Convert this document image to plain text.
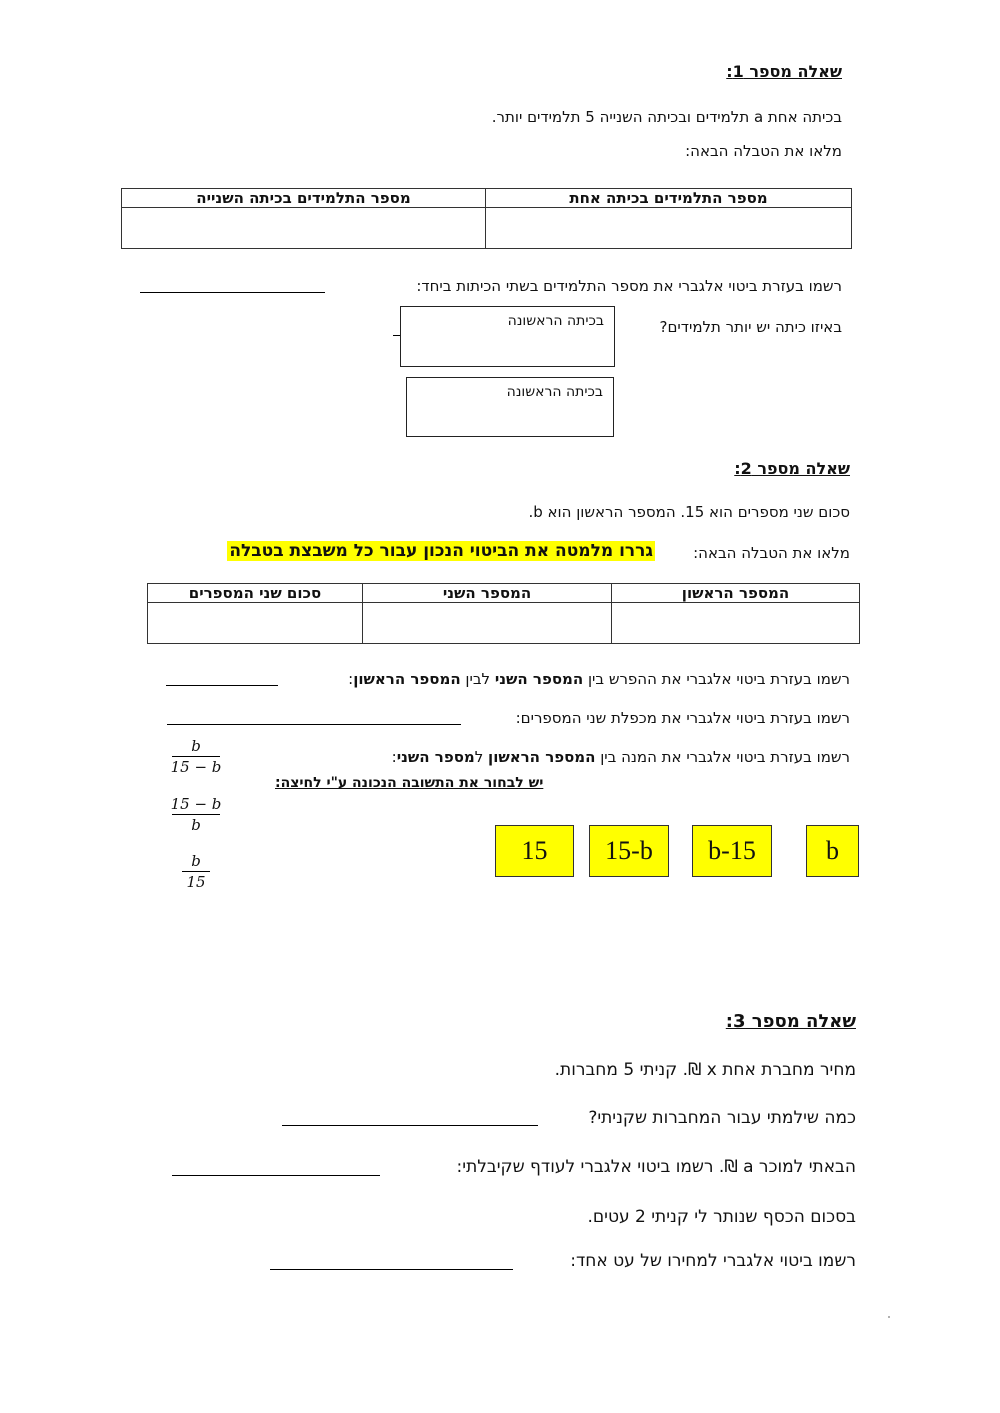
שאלה מספר 1:
בכיתה אחת a תלמידים ובכיתה השנייה 5 תלמידים יותר.
מלאו את הטבלה הבאה:
מספר התלמידים בכיתה אחת	מספר התלמידים בכיתה השנייה

רשמו בעזרת ביטוי אלגברי את מספר התלמידים בשתי הכיתות ביחד:
באיזו כיתה יש יותר תלמידים?
בכיתה הראשונה
בכיתה הראשונה
שאלה מספר 2:
סכום שני מספרים הוא 15. המספר הראשון הוא b.
מלאו את הטבלה הבאה:
גררו מלמטה את הביטוי הנכון עבור כל משבצת בטבלה
המספר הראשון	המספר השני	סכום שני המספרים

רשמו בעזרת ביטוי אלגברי את ההפרש בין המספר השני לבין המספר הראשון:
רשמו בעזרת ביטוי אלגברי את מכפלת שני המספרים:
רשמו בעזרת ביטוי אלגברי את המנה בין המספר הראשון למספר השני:
יש לבחור את התשובה הנכונה ע"י לחיצה:
b
15 − b
15 − b
b
b
15
15	15-b	b-15	b
שאלה מספר 3:
מחיר מחברת אחת x ₪. קניתי 5 מחברות.
כמה שילמתי עבור המחברות שקניתי?
הבאתי למוכר a ₪. רשמו ביטוי אלגברי לעודף שקיבלתי:
בסכום הכסף שנותר לי קניתי 2 עטים.
רשמו ביטוי אלגברי למחירו של עט אחד:
